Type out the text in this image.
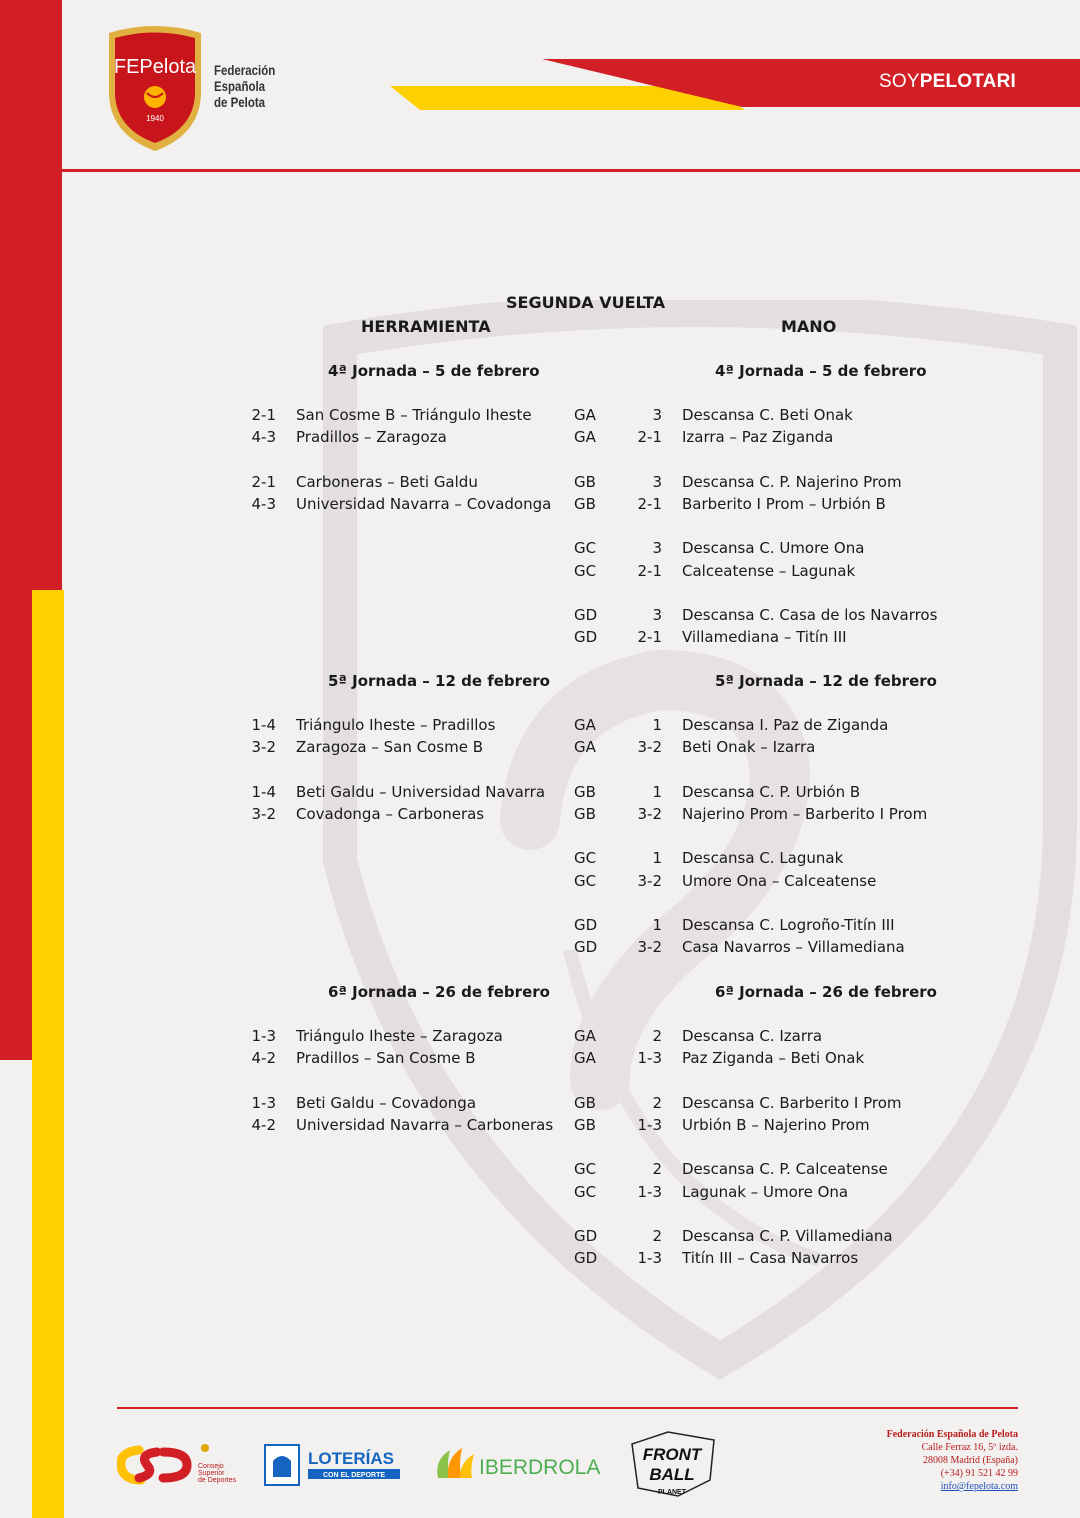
FEPelota
1940
Federación
Española
de Pelota
SOYPELOTARI
SEGUNDA VUELTA
HERRAMIENTA	MANO
4ª Jornada – 5 de febrero	4ª Jornada – 5 de febrero
2-1 San Cosme B – Triángulo Iheste	GA	3 Descansa C. Beti Onak
4-3 Pradillos – Zaragoza	GA	2-1 Izarra – Paz Ziganda
2-1 Carboneras – Beti Galdu	GB	3 Descansa C. P. Najerino Prom
4-3 Universidad Navarra – Covadonga GB	2-1 Barberito I Prom – Urbión B
GC	3 Descansa C. Umore Ona
GC	2-1 Calceatense – Lagunak
GD	3 Descansa C. Casa de los Navarros
GD	2-1 Villamediana – Titín III
5ª Jornada – 12 de febrero	5ª Jornada – 12 de febrero
1-4 Triángulo Iheste – Pradillos	GA	1 Descansa I. Paz de Ziganda
3-2 Zaragoza – San Cosme B	GA	3-2 Beti Onak – Izarra
1-4 Beti Galdu – Universidad Navarra GB	1 Descansa C. P. Urbión B
3-2 Covadonga – Carboneras	GB	3-2 Najerino Prom – Barberito I Prom
GC	1 Descansa C. Lagunak
GC	3-2 Umore Ona – Calceatense
GD	1 Descansa C. Logroño-Titín III
GD	3-2 Casa Navarros – Villamediana
6ª Jornada – 26 de febrero	6ª Jornada – 26 de febrero
1-3 Triángulo Iheste – Zaragoza	GA	2 Descansa C. Izarra
4-2 Pradillos – San Cosme B	GA	1-3 Paz Ziganda – Beti Onak
1-3 Beti Galdu – Covadonga	GB	2 Descansa C. Barberito I Prom
4-2 Universidad Navarra – Carboneras GB	1-3 Urbión B – Najerino Prom
GC	2 Descansa C. P. Calceatense
GC	1-3 Lagunak – Umore Ona
GD	2 Descansa C. P. Villamediana
GD	1-3 Titín III – Casa Navarros
Consejo
Superior
de Deportes
LOTERÍAS
CON EL DEPORTE	IBERDROLA
FRONT
BALL
PLANET
Federación Española de Pelota
Calle Ferraz 16, 5º izda.
28008 Madrid (España)
(+34) 91 521 42 99
info@fepelota.com
